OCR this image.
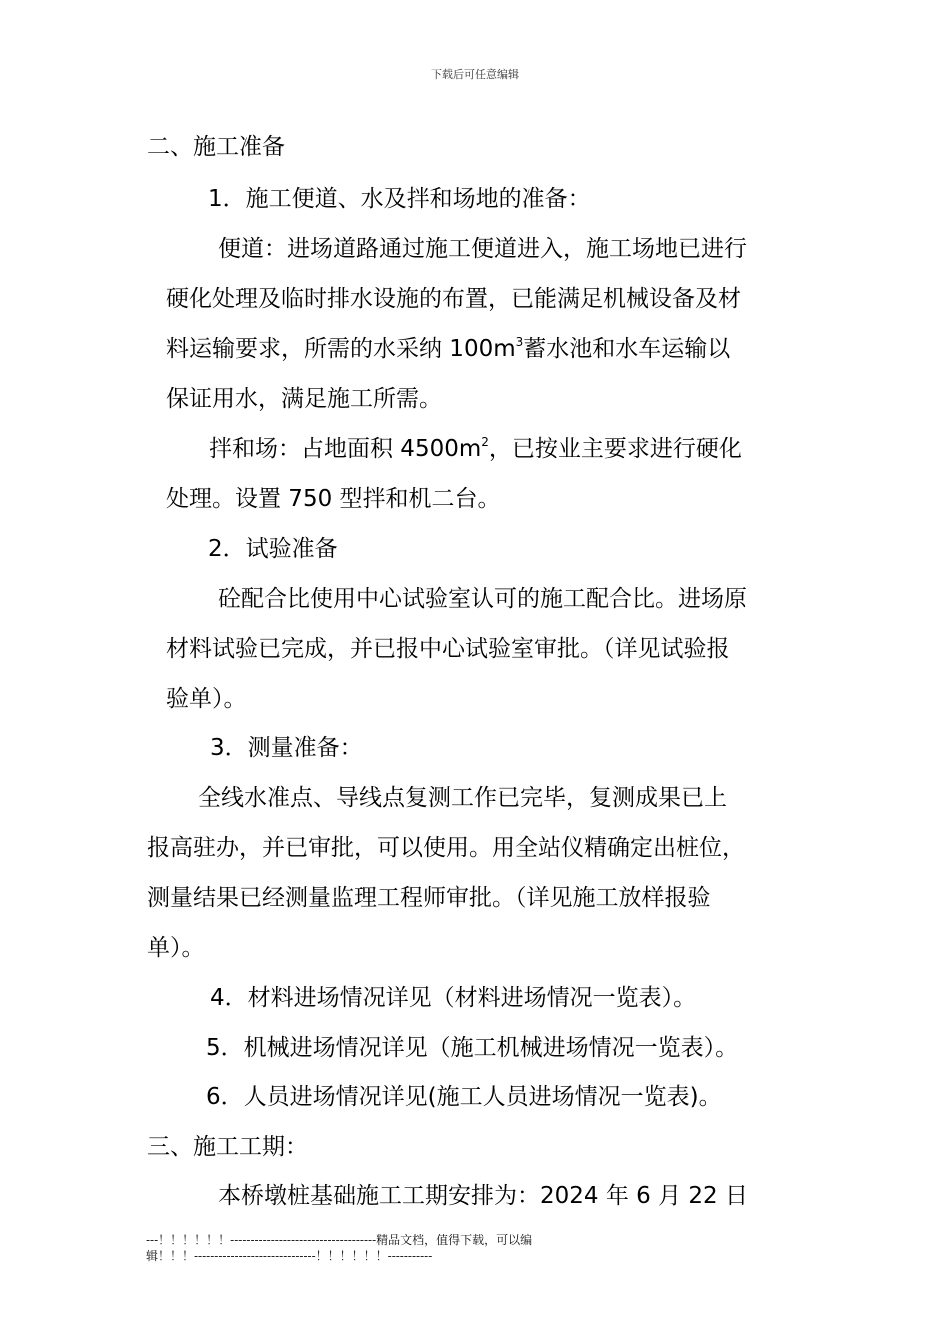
下载后可任意编辑
二、施工准备
1．施工便道、水及拌和场地的准备：
便道：进场道路通过施工便道进入，施工场地已进行
硬化处理及临时排水设施的布置，已能满足机械设备及材
料运输要求，所需的水采纳 $100m^3$蓄水池和水车运输以
保证用水，满足施工所需。
拌和场：占地面积 $4500m^2$，已按业主要求进行硬化
处理。设置 750 型拌和机二台。
2．试验准备
砼配合比使用中心试验室认可的施工配合比。进场原
材料试验已完成，并已报中心试验室审批。（详见试验报
验单）。
3．测量准备：
全线水准点、导线点复测工作已完毕，复测成果已上
报高驻办，并已审批，可以使用。用全站仪精确定出桩位，
测量结果已经测量监理工程师审批。（详见施工放样报验
单）。
4．材料进场情况详见（材料进场情况一览表）。
5．机械进场情况详见（施工机械进场情况一览表）。
6．人员进场情况详见(施工人员进场情况一览表)。
三、施工工期：
本桥墩桩基础施工工期安排为：2024 年 6 月 22 日
---！！！！！！------------------------------------精品文档，值得下载，可以编
辑！！！------------------------------！！！！！！-----------
